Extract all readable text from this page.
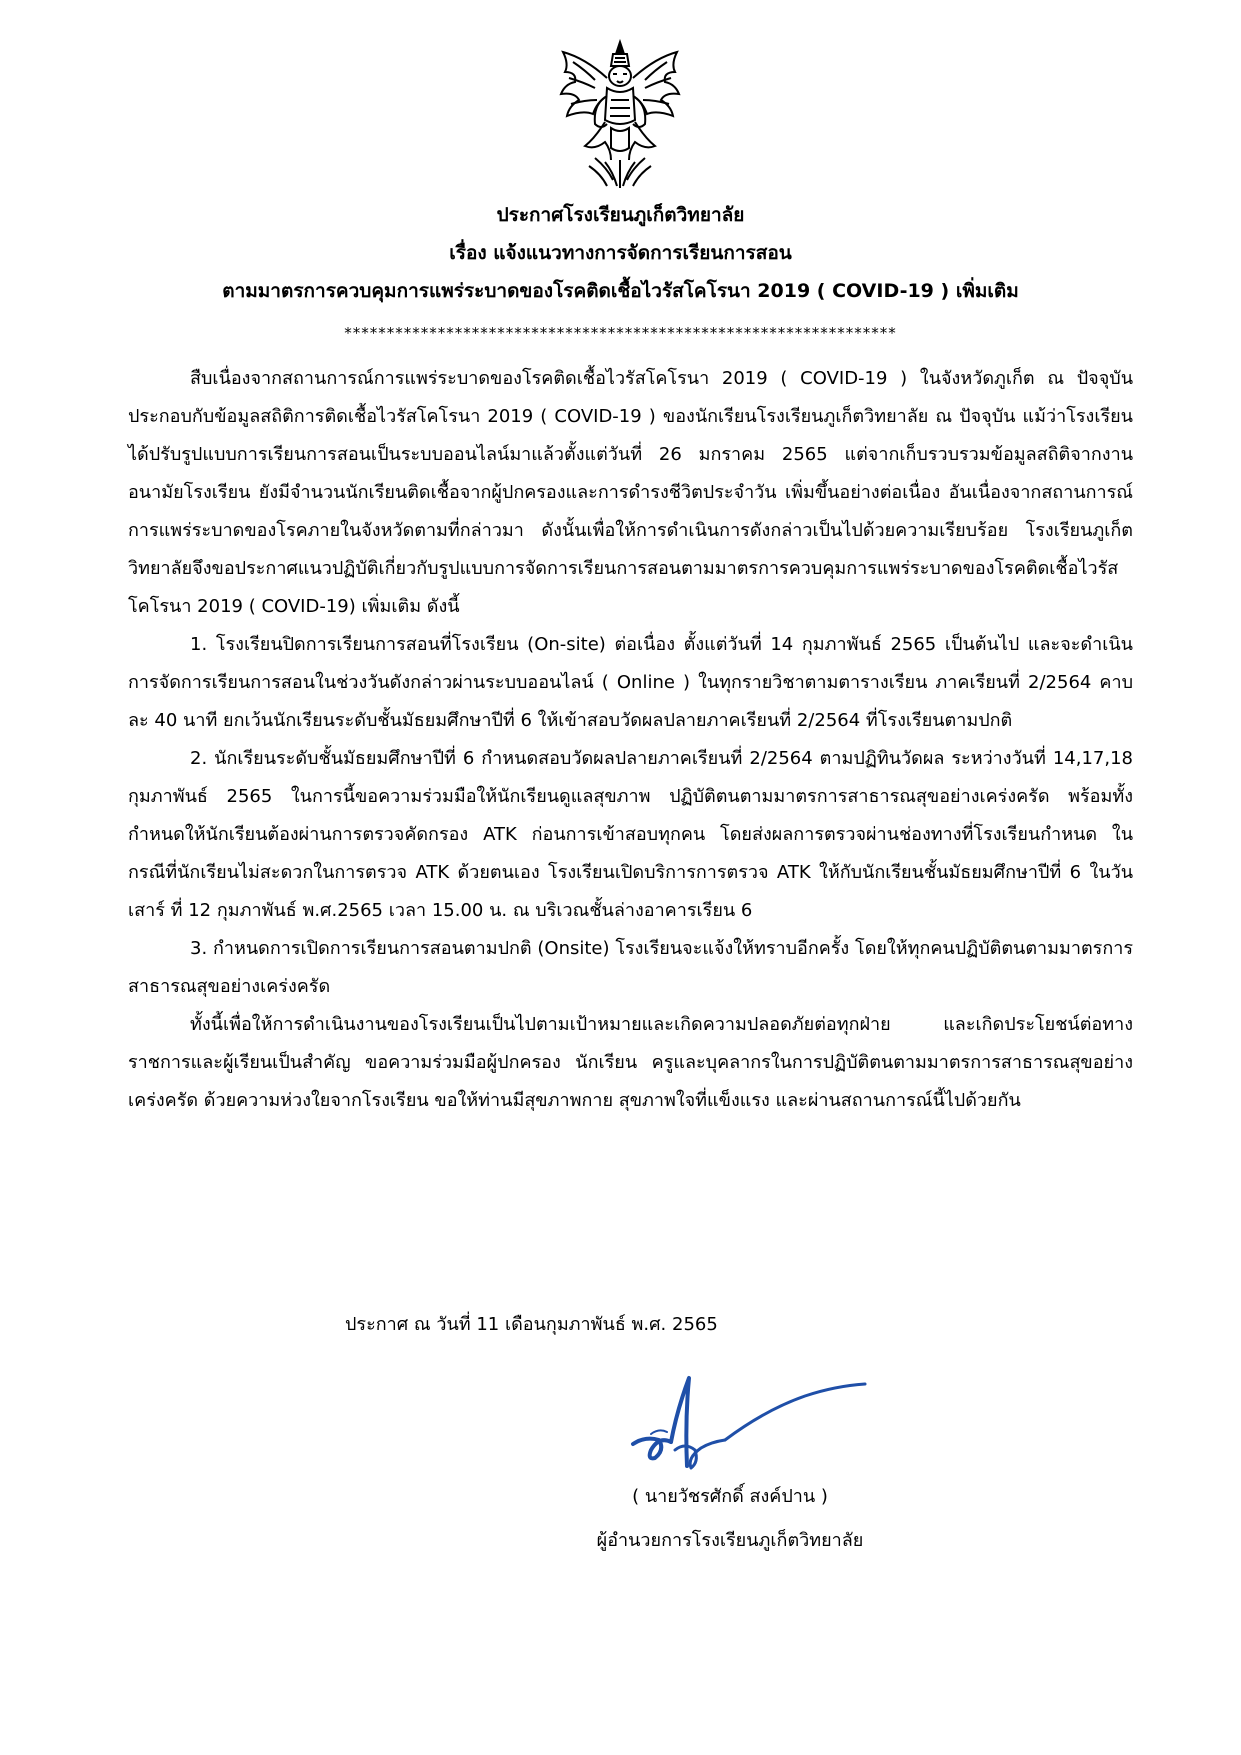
ประกาศโรงเรียนภูเก็ตวิทยาลัย
เรื่อง แจ้งแนวทางการจัดการเรียนการสอน
ตามมาตรการควบคุมการแพร่ระบาดของโรคติดเชื้อไวรัสโคโรนา 2019 ( COVID-19 ) เพิ่มเติม
*****************************************************************

สืบเนื่องจากสถานการณ์การแพร่ระบาดของโรคติดเชื้อไวรัสโคโรนา 2019 ( COVID-19 ) ในจังหวัดภูเก็ต ณ ปัจจุบัน ประกอบกับข้อมูลสถิติการติดเชื้อไวรัสโคโรนา 2019 ( COVID-19 ) ของนักเรียนโรงเรียนภูเก็ตวิทยาลัย ณ ปัจจุบัน แม้ว่าโรงเรียนได้ปรับรูปแบบการเรียนการสอนเป็นระบบออนไลน์มาแล้วตั้งแต่วันที่ 26 มกราคม 2565 แต่จากเก็บรวบรวมข้อมูลสถิติจากงานอนามัยโรงเรียน ยังมีจำนวนนักเรียนติดเชื้อจากผู้ปกครองและการดำรงชีวิตประจำวัน เพิ่มขึ้นอย่างต่อเนื่อง อันเนื่องจากสถานการณ์การแพร่ระบาดของโรคภายในจังหวัดตามที่กล่าวมา ดังนั้นเพื่อให้การดำเนินการดังกล่าวเป็นไปด้วยความเรียบร้อย โรงเรียนภูเก็ตวิทยาลัยจึงขอประกาศแนวปฏิบัติเกี่ยวกับรูปแบบการจัดการเรียนการสอนตามมาตรการควบคุมการแพร่ระบาดของโรคติดเชื้อไวรัสโคโรนา 2019 ( COVID-19) เพิ่มเติม ดังนี้

1. โรงเรียนปิดการเรียนการสอนที่โรงเรียน (On-site) ต่อเนื่อง ตั้งแต่วันที่ 14 กุมภาพันธ์ 2565 เป็นต้นไป และจะดำเนินการจัดการเรียนการสอนในช่วงวันดังกล่าวผ่านระบบออนไลน์ ( Online ) ในทุกรายวิชาตามตารางเรียน ภาคเรียนที่ 2/2564 คาบละ 40 นาที ยกเว้นนักเรียนระดับชั้นมัธยมศึกษาปีที่ 6 ให้เข้าสอบวัดผลปลายภาคเรียนที่ 2/2564 ที่โรงเรียนตามปกติ

2. นักเรียนระดับชั้นมัธยมศึกษาปีที่ 6 กำหนดสอบวัดผลปลายภาคเรียนที่ 2/2564 ตามปฏิทินวัดผล ระหว่างวันที่ 14,17,18 กุมภาพันธ์ 2565 ในการนี้ขอความร่วมมือให้นักเรียนดูแลสุขภาพ ปฏิบัติตนตามมาตรการสาธารณสุขอย่างเคร่งครัด พร้อมทั้งกำหนดให้นักเรียนต้องผ่านการตรวจคัดกรอง ATK ก่อนการเข้าสอบทุกคน โดยส่งผลการตรวจผ่านช่องทางที่โรงเรียนกำหนด ในกรณีที่นักเรียนไม่สะดวกในการตรวจ ATK ด้วยตนเอง โรงเรียนเปิดบริการการตรวจ ATK ให้กับนักเรียนชั้นมัธยมศึกษาปีที่ 6 ในวันเสาร์ ที่ 12 กุมภาพันธ์ พ.ศ.2565 เวลา 15.00 น. ณ บริเวณชั้นล่างอาคารเรียน 6

3. กำหนดการเปิดการเรียนการสอนตามปกติ (Onsite) โรงเรียนจะแจ้งให้ทราบอีกครั้ง โดยให้ทุกคนปฏิบัติตนตามมาตรการสาธารณสุขอย่างเคร่งครัด

ทั้งนี้เพื่อให้การดำเนินงานของโรงเรียนเป็นไปตามเป้าหมายและเกิดความปลอดภัยต่อทุกฝ่าย และเกิดประโยชน์ต่อทางราชการและผู้เรียนเป็นสำคัญ ขอความร่วมมือผู้ปกครอง นักเรียน ครูและบุคลากรในการปฏิบัติตนตามมาตรการสาธารณสุขอย่างเคร่งครัด ด้วยความห่วงใยจากโรงเรียน ขอให้ท่านมีสุขภาพกาย สุขภาพใจที่แข็งแรง และผ่านสถานการณ์นี้ไปด้วยกัน

ประกาศ ณ วันที่ 11 เดือนกุมภาพันธ์ พ.ศ. 2565
( นายวัชรศักดิ์ สงค์ปาน )
ผู้อำนวยการโรงเรียนภูเก็ตวิทยาลัย
